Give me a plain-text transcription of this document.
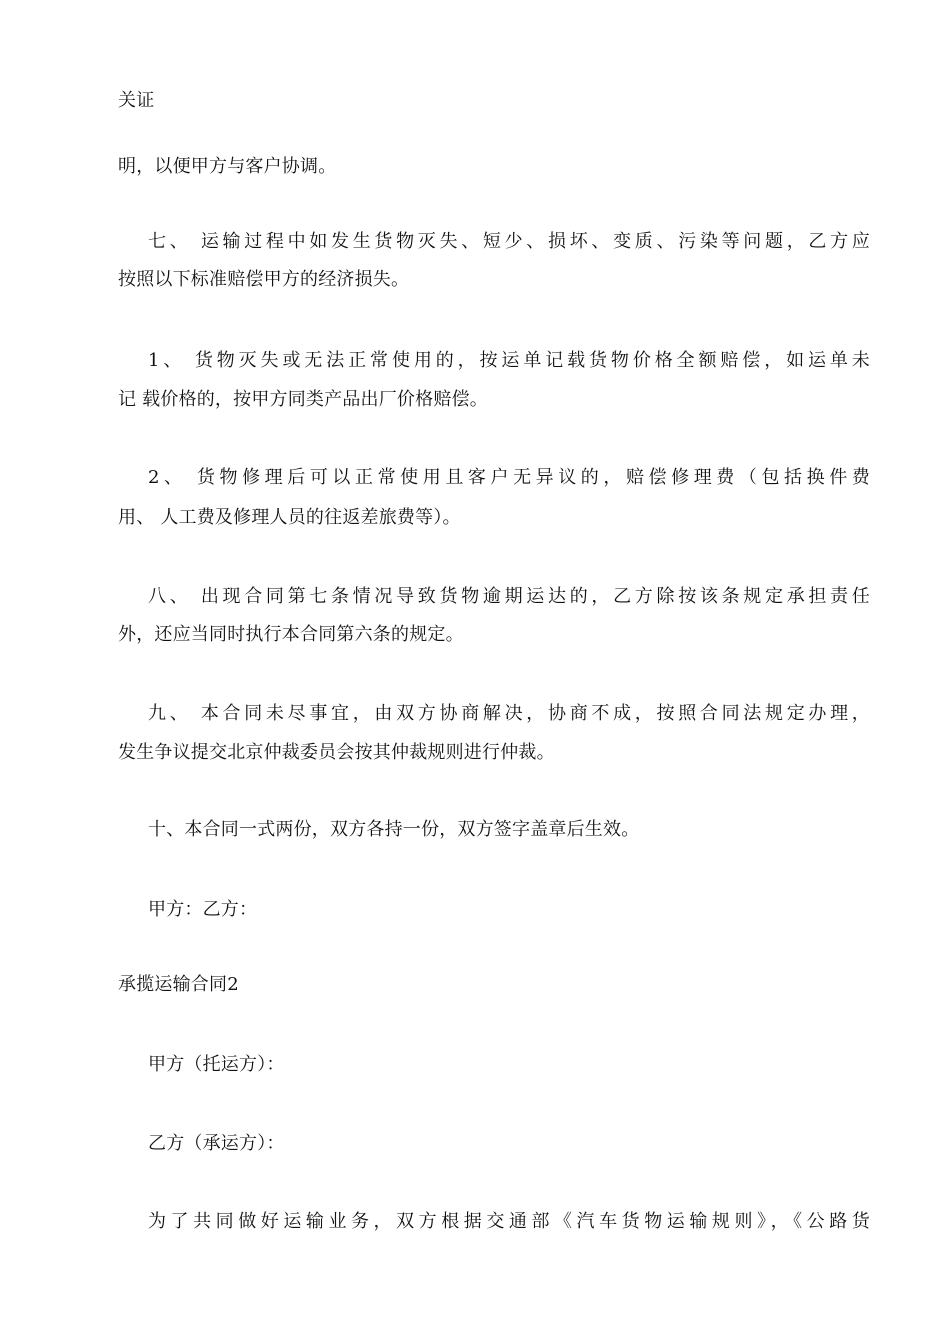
关证
明，以便甲方与客户协调。
七、 运输过程中如发生货物灭失、短少、损坏、变质、污染等问题，乙方应
按照以下标准赔偿甲方的经济损失。
1、 货物灭失或无法正常使用的，按运单记载货物价格全额赔偿，如运单未
记 载价格的，按甲方同类产品出厂价格赔偿。
2、 货物修理后可以正常使用且客户无异议的，赔偿修理费（包括换件费
用、 人工费及修理人员的往返差旅费等）。
八、 出现合同第七条情况导致货物逾期运达的，乙方除按该条规定承担责任
外，还应当同时执行本合同第六条的规定。
九、 本合同未尽事宜，由双方协商解决，协商不成，按照合同法规定办理，
发生争议提交北京仲裁委员会按其仲裁规则进行仲裁。
十、本合同一式两份，双方各持一份，双方签字盖章后生效。
甲方：乙方：
承揽运输合同2
甲方（托运方）：
乙方（承运方）：
为了共同做好运输业务，双方根据交通部《汽车货物运输规则》，《公路货
